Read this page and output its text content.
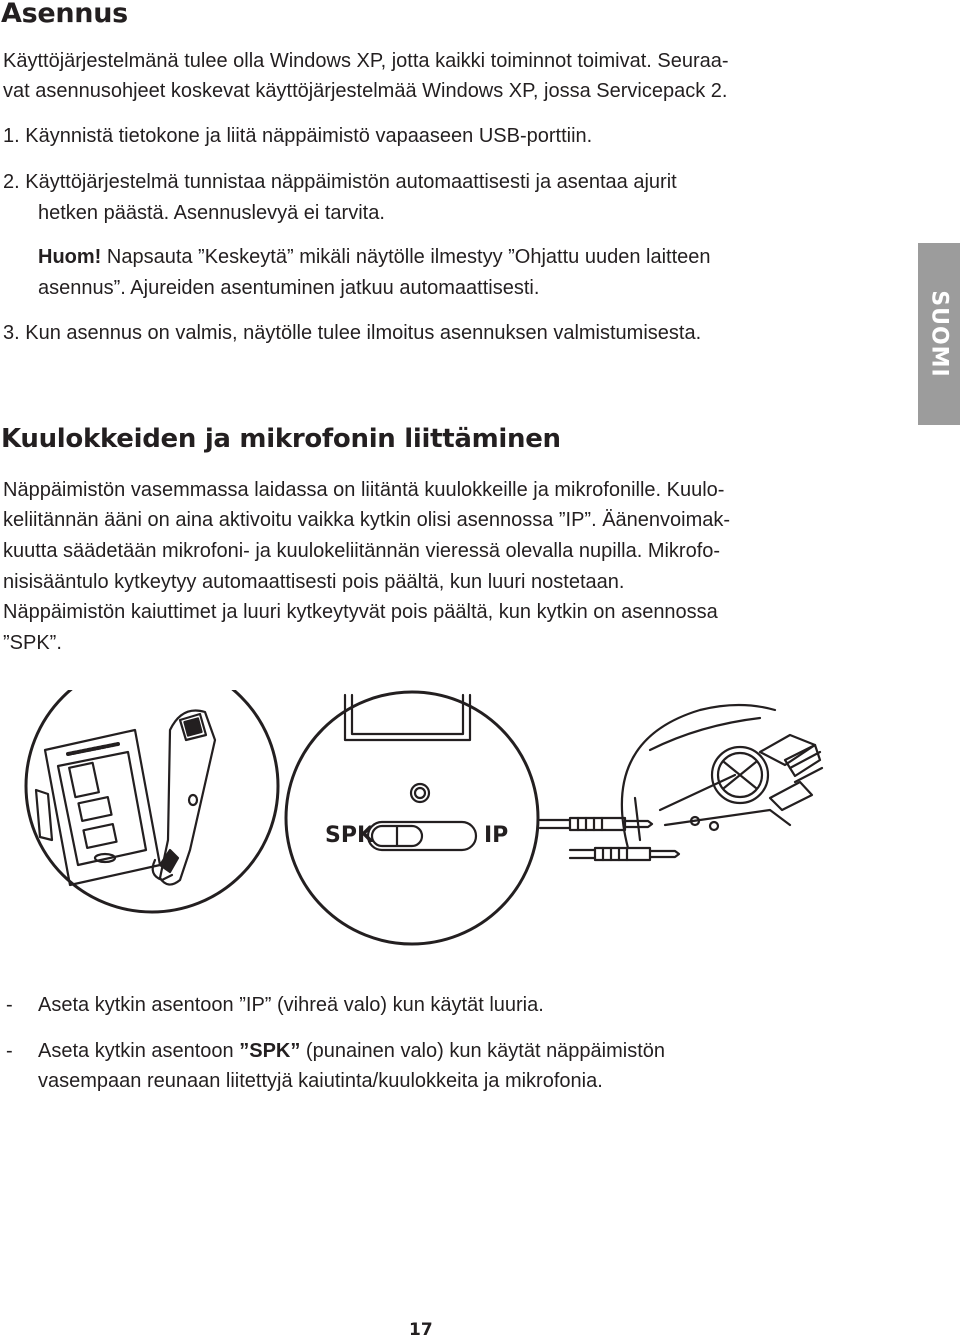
Asennus
Käyttöjärjestelmänä tulee olla Windows XP, jotta kaikki toiminnot toimivat. Seuraa-
vat asennusohjeet koskevat käyttöjärjestelmää Windows XP, jossa Servicepack 2.
1. Käynnistä tietokone ja liitä näppäimistö vapaaseen USB-porttiin.
2. Käyttöjärjestelmä tunnistaa näppäimistön automaattisesti ja asentaa ajurit
hetken päästä. Asennuslevyä ei tarvita.
Huom! Napsauta ”Keskeytä” mikäli näytölle ilmestyy ”Ohjattu uuden laitteen
asennus”. Ajureiden asentuminen jatkuu automaattisesti.
3. Kun asennus on valmis, näytölle tulee ilmoitus asennuksen valmistumisesta.	SUOMI
Kuulokkeiden ja mikrofonin liittäminen
Näppäimistön vasemmassa laidassa on liitäntä kuulokkeille ja mikrofonille. Kuulo-
keliitännän ääni on aina aktivoitu vaikka kytkin olisi asennossa ”IP”. Äänenvoimak-
kuutta säädetään mikrofoni- ja kuulokeliitännän vieressä olevalla nupilla. Mikrofo-
nisisääntulo kytkeytyy automaattisesti pois päältä, kun luuri nostetaan.
Näppäimistön kaiuttimet ja luuri kytkeytyvät pois päältä, kun kytkin on asennossa
”SPK”.
SPK	IP
- Aseta kytkin asentoon ”IP” (vihreä valo) kun käytät luuria.
- Aseta kytkin asentoon ”SPK” (punainen valo) kun käytät näppäimistön
vasempaan reunaan liitettyjä kaiutinta/kuulokkeita ja mikrofonia.
17
